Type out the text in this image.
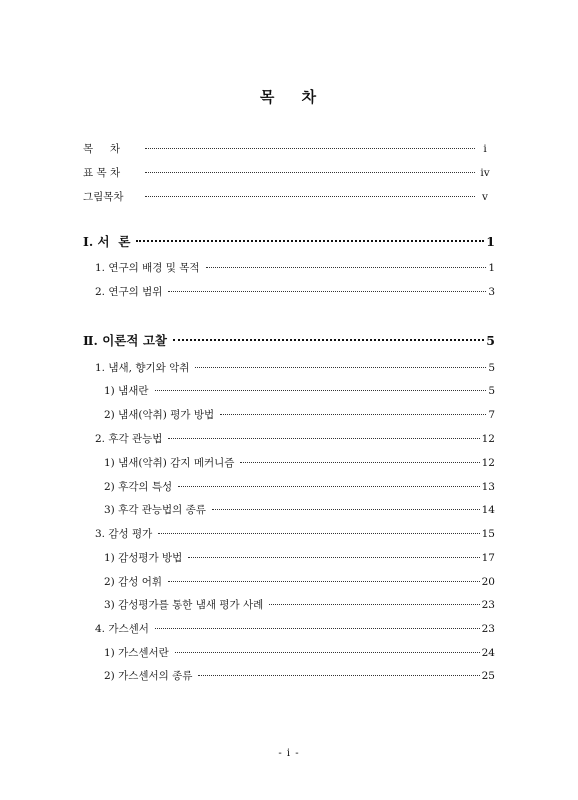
목 차
목     차	i
표 목 차	iv
그림목차	v
Ⅰ. 서  론	1
1. 연구의 배경 및 목적	1
2. 연구의 범위	3
Ⅱ. 이론적 고찰	5
1. 냄새, 향기와 악취	5
1) 냄새란	5
2) 냄새(악취) 평가 방법	7
2. 후각 관능법	12
1) 냄새(악취) 감지 메커니즘	12
2) 후각의 특성	13
3) 후각 관능법의 종류	14
3. 감성 평가	15
1) 감성평가 방법	17
2) 감성 어휘	20
3) 감성평가를 통한 냄새 평가 사례	23
4. 가스센서	23
1) 가스센서란	24
2) 가스센서의 종류	25
- i -
